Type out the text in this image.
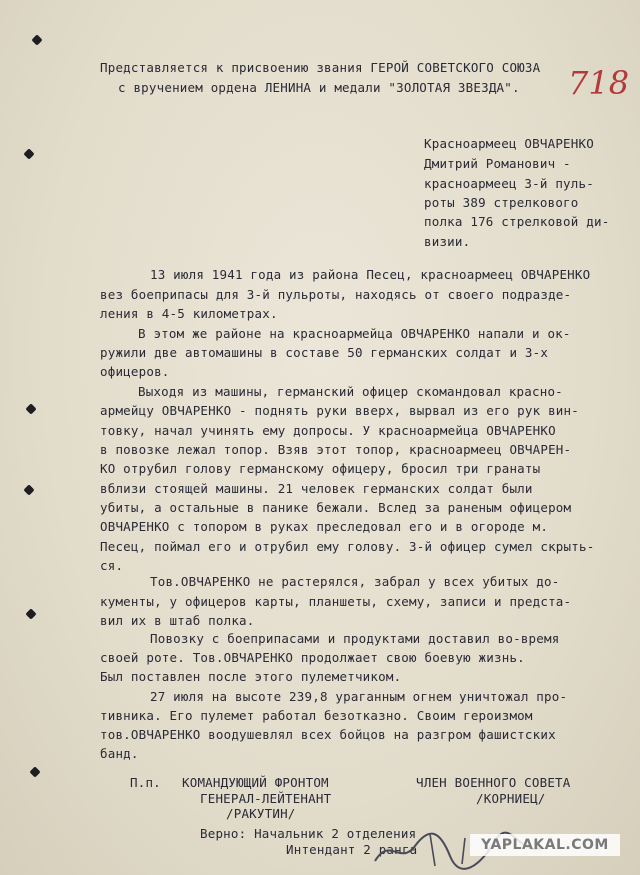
Представляется к присвоению звания ГЕРОЙ СОВЕТСКОГО СОЮЗА
с вручением ордена ЛЕНИНА и медали "ЗОЛОТАЯ ЗВЕЗДА". 718
Красноармеец ОВЧАРЕНКО
Дмитрий Романович -
красноармеец 3-й пуль-
роты 389 стрелкового
полка 176 стрелковой ди-
визии.
13 июля 1941 года из района Песец, красноармеец ОВЧАРЕНКО
вез боеприпасы для 3-й пульроты, находясь от своего подразде-
ления в 4-5 километрах.
В этом же районе на красноармейца ОВЧАРЕНКО напали и ок-
ружили две автомашины в составе 50 германских солдат и 3-х
офицеров.
Выходя из машины, германский офицер скомандовал красно-
армейцу ОВЧАРЕНКО - поднять руки вверх, вырвал из его рук вин-
товку, начал учинять ему допросы. У красноармейца ОВЧАРЕНКО
в повозке лежал топор. Взяв этот топор, красноармеец ОВЧАРЕН-
КО отрубил голову германскому офицеру, бросил три гранаты
вблизи стоящей машины. 21 человек германских солдат были
убиты, а остальные в панике бежали. Вслед за раненым офицером
ОВЧАРЕНКО с топором в руках преследовал его и в огороде м.
Песец, поймал его и отрубил ему голову. 3-й офицер сумел скрыть-
ся.
Тов.ОВЧАРЕНКО не растерялся, забрал у всех убитых до-
кументы, у офицеров карты, планшеты, схему, записи и предста-
вил их в штаб полка.
Повозку с боеприпасами и продуктами доставил во-время
своей роте. Тов.ОВЧАРЕНКО продолжает свою боевую жизнь.
Был поставлен после этого пулеметчиком.
27 июля на высоте 239,8 ураганным огнем уничтожал про-
тивника. Его пулемет работал безотказно. Своим героизмом
тов.ОВЧАРЕНКО воодушевлял всех бойцов на разгром фашистских
банд.
П.п. КОМАНДУЮЩИЙ ФРОНТОМ
ГЕНЕРАЛ-ЛЕЙТЕНАНТ
/РАКУТИН/
ЧЛЕН ВОЕННОГО СОВЕТА
/КОРНИЕЦ/
Верно: Начальник 2 отделения
Интендант 2 ранга	YAPLAKAL.COM
